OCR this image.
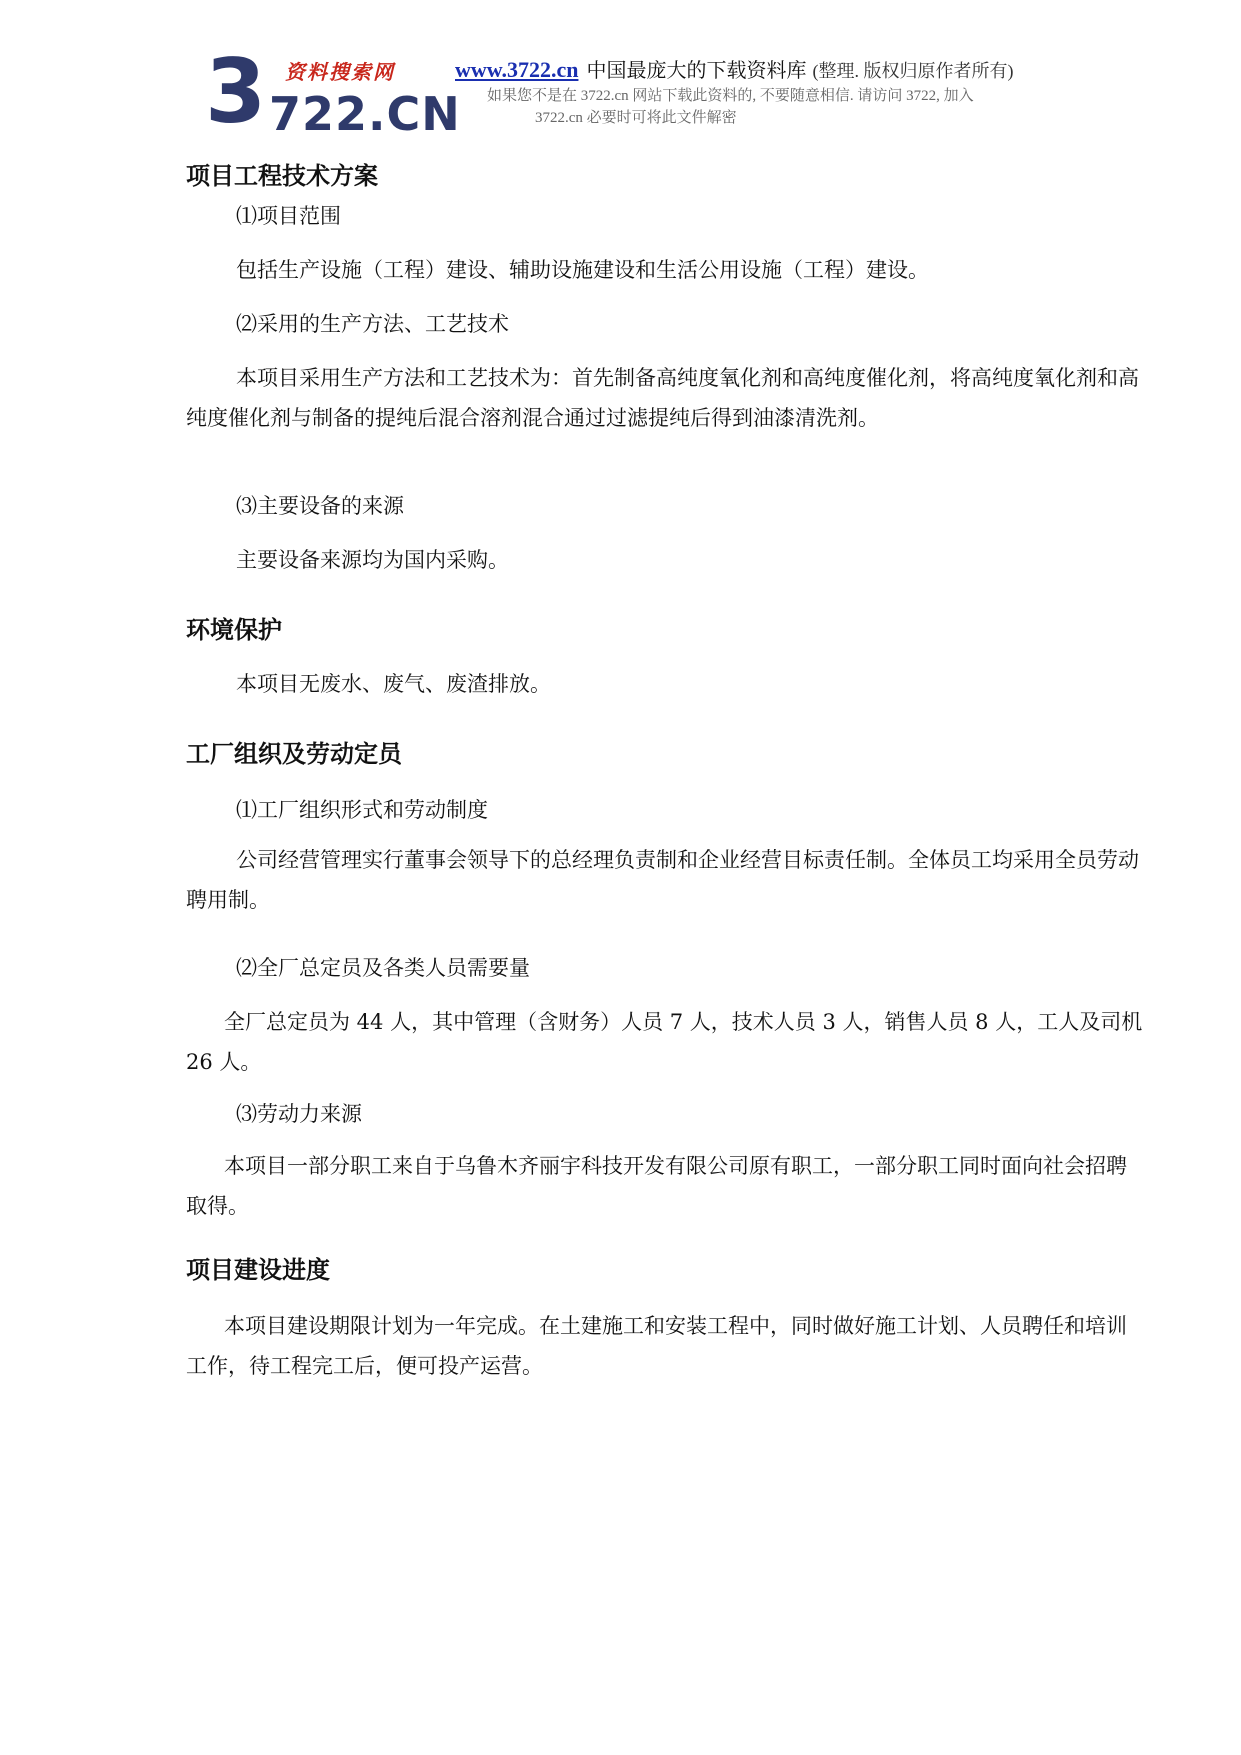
3 资料搜索网
722.CN
www.3722.cn 中国最庞大的下载资料库 (整理. 版权归原作者所有)
如果您不是在 3722.cn 网站下载此资料的, 不要随意相信. 请访问 3722, 加入
3722.cn 必要时可将此文件解密
项目工程技术方案

⑴项目范围

包括生产设施（工程）建设、辅助设施建设和生活公用设施（工程）建设。

⑵采用的生产方法、工艺技术

本项目采用生产方法和工艺技术为：首先制备高纯度氧化剂和高纯度催化剂，将高纯度氧化剂和高纯度催化剂与制备的提纯后混合溶剂混合通过过滤提纯后得到油漆清洗剂。

⑶主要设备的来源

主要设备来源均为国内采购。

环境保护

本项目无废水、废气、废渣排放。

工厂组织及劳动定员

⑴工厂组织形式和劳动制度

公司经营管理实行董事会领导下的总经理负责制和企业经营目标责任制。全体员工均采用全员劳动聘用制。

⑵全厂总定员及各类人员需要量

全厂总定员为 44 人，其中管理（含财务）人员 7 人，技术人员 3 人，销售人员 8 人，工人及司机 26 人。

⑶劳动力来源

本项目一部分职工来自于乌鲁木齐丽宇科技开发有限公司原有职工，一部分职工同时面向社会招聘取得。

项目建设进度

本项目建设期限计划为一年完成。在土建施工和安装工程中，同时做好施工计划、人员聘任和培训工作，待工程完工后，便可投产运营。
